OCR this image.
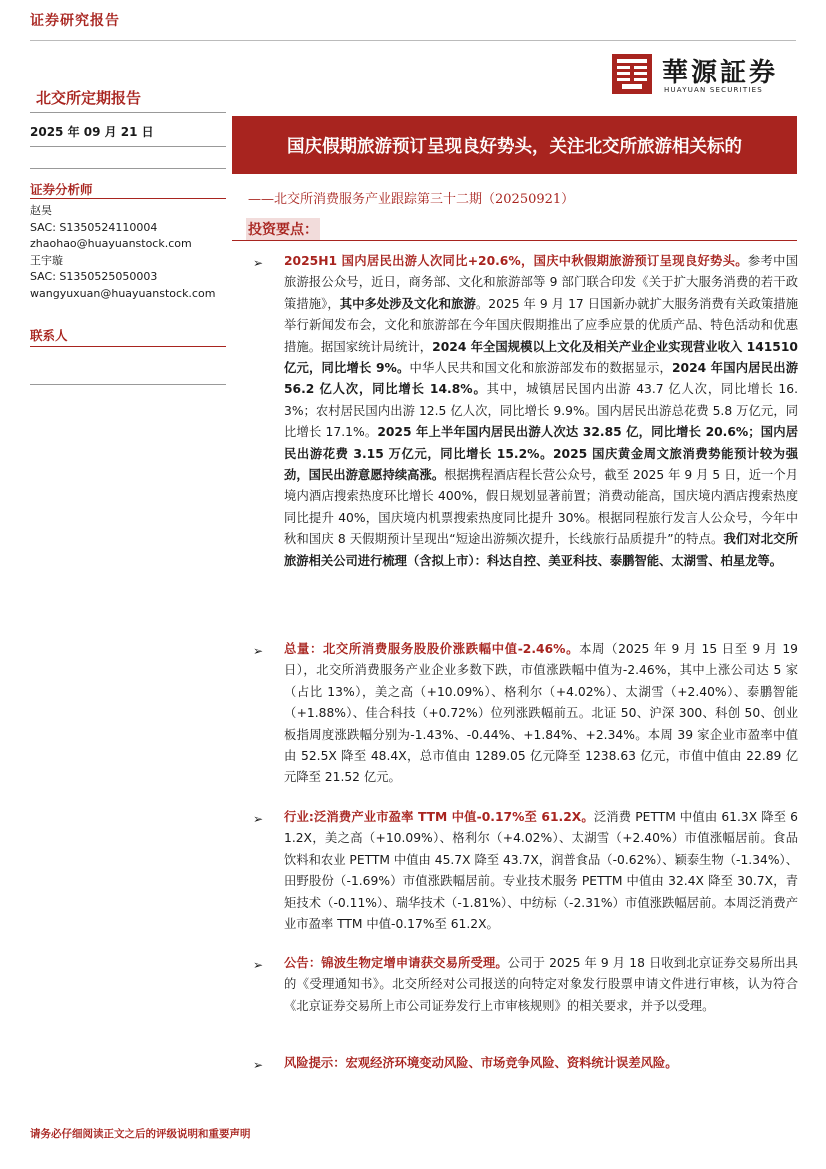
证券研究报告
華源証券
HUAYUAN SECURITIES
北交所定期报告
2025 年 09 月 21 日
证券分析师
赵昊
SAC: S1350524110004
zhaohao@huayuanstock.com
王宇璇
SAC: S1350525050003
wangyuxuan@huayuanstock.com
联系人
国庆假期旅游预订呈现良好势头，关注北交所旅游相关标的
——北交所消费服务产业跟踪第三十二期（20250921）
投资要点：
➢ 2025H1 国内居民出游人次同比+20.6%，国庆中秋假期旅游预订呈现良好势头。参考中国旅游报公众号，近日，商务部、文化和旅游部等 9 部门联合印发《关于扩大服务消费的若干政策措施》，其中多处涉及文化和旅游。2025 年 9 月 17 日国新办就扩大服务消费有关政策措施举行新闻发布会，文化和旅游部在今年国庆假期推出了应季应景的优质产品、特色活动和优惠措施。据国家统计局统计，2024 年全国规模以上文化及相关产业企业实现营业收入 141510 亿元，同比增长 9%。中华人民共和国文化和旅游部发布的数据显示，2024 年国内居民出游 56.2 亿人次，同比增长 14.8%。其中，城镇居民国内出游 43.7 亿人次，同比增长 16.3%；农村居民国内出游 12.5 亿人次，同比增长 9.9%。国内居民出游总花费 5.8 万亿元，同比增长 17.1%。2025 年上半年国内居民出游人次达 32.85 亿，同比增长 20.6%；国内居民出游花费 3.15 万亿元，同比增长 15.2%。2025 国庆黄金周文旅消费势能预计较为强劲，国民出游意愿持续高涨。根据携程酒店程长营公众号，截至 2025 年 9 月 5 日，近一个月境内酒店搜索热度环比增长 400%，假日规划显著前置；消费动能高，国庆境内酒店搜索热度同比提升 40%，国庆境内机票搜索热度同比提升 30%。根据同程旅行发言人公众号，今年中秋和国庆 8 天假期预计呈现出“短途出游频次提升，长线旅行品质提升”的特点。我们对北交所旅游相关公司进行梳理（含拟上市）：科达自控、美亚科技、泰鹏智能、太湖雪、柏星龙等。
➢ 总量：北交所消费服务股股价涨跌幅中值-2.46%。本周（2025 年 9 月 15 日至 9 月 19 日），北交所消费服务产业企业多数下跌，市值涨跌幅中值为-2.46%，其中上涨公司达 5 家（占比 13%），美之高（+10.09%）、格利尔（+4.02%）、太湖雪（+2.40%）、泰鹏智能（+1.88%）、佳合科技（+0.72%）位列涨跌幅前五。北证 50、沪深 300、科创 50、创业板指周度涨跌幅分别为-1.43%、-0.44%、+1.84%、+2.34%。本周 39 家企业市盈率中值由 52.5X 降至 48.4X，总市值由 1289.05 亿元降至 1238.63 亿元，市值中值由 22.89 亿元降至 21.52 亿元。
➢ 行业:泛消费产业市盈率 TTM 中值-0.17%至 61.2X。泛消费 PETTM 中值由 61.3X 降至 61.2X，美之高（+10.09%）、格利尔（+4.02%）、太湖雪（+2.40%）市值涨幅居前。食品饮料和农业 PETTM 中值由 45.7X 降至 43.7X，润普食品（-0.62%）、颖泰生物（-1.34%）、田野股份（-1.69%）市值涨跌幅居前。专业技术服务 PETTM 中值由 32.4X 降至 30.7X，青矩技术（-0.11%）、瑞华技术（-1.81%）、中纺标（-2.31%）市值涨跌幅居前。本周泛消费产业市盈率 TTM 中值-0.17%至 61.2X。
➢ 公告：锦波生物定增申请获交易所受理。公司于 2025 年 9 月 18 日收到北京证券交易所出具的《受理通知书》。北交所经对公司报送的向特定对象发行股票申请文件进行审核，认为符合《北京证券交易所上市公司证券发行上市审核规则》的相关要求，并予以受理。
➢ 风险提示：宏观经济环境变动风险、市场竞争风险、资料统计误差风险。
请务必仔细阅读正文之后的评级说明和重要声明
